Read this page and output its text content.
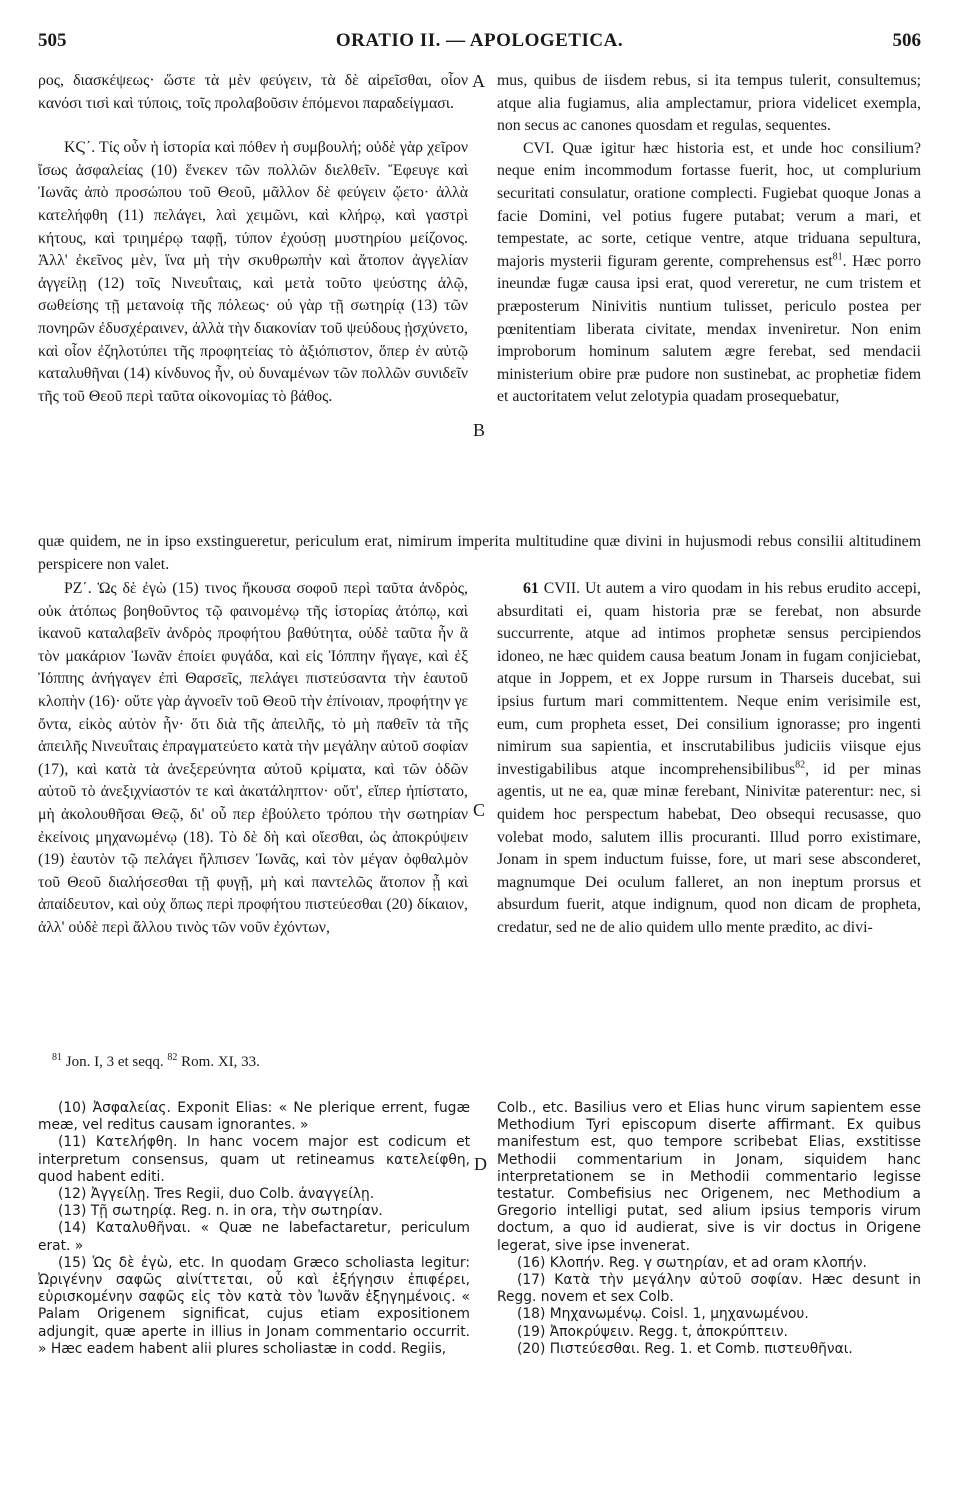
505	ORATIO II. — APOLOGETICA.	506
A
B
C
D

ρος, διασκέψεως· ὥστε τὰ μὲν φεύγειν, τὰ δὲ αἱρεῖσθαι, οἷον κανόσι τισὶ καὶ τύποις, τοῖς προλαβοῦσιν ἑπόμενοι παραδείγμασι.

ΚϚ΄. Τίς οὖν ἡ ἱστορία καὶ πόθεν ἡ συμβουλή; οὐδὲ γὰρ χεῖρον ἴσως ἀσφαλείας (10) ἕνεκεν τῶν πολλῶν διελθεῖν. Ἔφευγε καὶ Ἰωνᾶς ἀπὸ προσώπου τοῦ Θεοῦ, μᾶλλον δὲ φεύγειν ᾤετο· ἀλλὰ κατελήφθη (11) πελάγει, λαὶ χειμῶνι, καὶ κλήρῳ, καὶ γαστρὶ κήτους, καὶ τριημέρῳ ταφῇ, τύπον ἐχούσῃ μυστηρίου μείζονος. Ἀλλ' ἐκεῖνος μὲν, ἵνα μὴ τὴν σκυθρωπὴν καὶ ἄτοπον ἀγγελίαν ἀγγείλῃ (12) τοῖς Νινευΐταις, καὶ μετὰ τοῦτο ψεύστης ἁλῷ, σωθείσης τῇ μετανοίᾳ τῆς πόλεως· οὐ γὰρ τῇ σωτηρίᾳ (13) τῶν πονηρῶν ἐδυσχέραινεν, ἀλλὰ τὴν διακονίαν τοῦ ψεύδους ᾐσχύνετο, καὶ οἷον ἐζηλοτύπει τῆς προφητείας τὸ ἀξιόπιστον, ὅπερ ἐν αὐτῷ καταλυθῆναι (14) κίνδυνος ἦν, οὐ δυναμένων τῶν πολλῶν συνιδεῖν τῆς τοῦ Θεοῦ περὶ ταῦτα οἰκονομίας τὸ βάθος.

mus, quibus de iisdem rebus, si ita tempus tulerit, consultemus; atque alia fugiamus, alia amplectamur, priora videlicet exempla, non secus ac canones quosdam et regulas, sequentes.

CVI. Quæ igitur hæc historia est, et unde hoc consilium? neque enim incommodum fortasse fuerit, hoc, ut complurium securitati consulatur, oratione complecti. Fugiebat quoque Jonas a facie Domini, vel potius fugere putabat; verum a mari, et tempestate, ac sorte, cetique ventre, atque triduana sepultura, majoris mysterii figuram gerente, comprehensus est$^{81}$. Hæc porro ineundæ fugæ causa ipsi erat, quod vereretur, ne cum tristem et præposterum Ninivitis nuntium tulisset, periculo postea per pœnitentiam liberata civitate, mendax inveniretur. Non enim improborum hominum salutem ægre ferebat, sed mendacii ministerium obire præ pudore non sustinebat, ac prophetiæ fidem et auctoritatem velut zelotypia quadam prosequebatur,

quæ quidem, ne in ipso exstingueretur, periculum erat, nimirum imperita multitudine quæ divini in hujusmodi rebus consilii altitudinem perspicere non valet.

ΡΖ΄. Ὡς δὲ ἐγὼ (15) τινος ἤκουσα σοφοῦ περὶ ταῦτα ἀνδρὸς, οὐκ ἀτόπως βοηθοῦντος τῷ φαινομένῳ τῆς ἱστορίας ἀτόπῳ, καὶ ἱκανοῦ καταλαβεῖν ἀνδρὸς προφήτου βαθύτητα, οὐδὲ ταῦτα ἦν ἃ τὸν μακάριον Ἰωνᾶν ἐποίει φυγάδα, καὶ εἰς Ἰόππην ἤγαγε, καὶ ἐξ Ἰόππης ἀνήγαγεν ἐπὶ Θαρσεῖς, πελάγει πιστεύσαντα τὴν ἑαυτοῦ κλοπὴν (16)· οὔτε γὰρ ἀγνοεῖν τοῦ Θεοῦ τὴν ἐπίνοιαν, προφήτην γε ὄντα, εἰκὸς αὐτὸν ἦν· ὅτι διὰ τῆς ἀπειλῆς, τὸ μὴ παθεῖν τὰ τῆς ἀπειλῆς Νινευΐταις ἐπραγματεύετο κατὰ τὴν μεγάλην αὐτοῦ σοφίαν (17), καὶ κατὰ τὰ ἀνεξερεύνητα αὐτοῦ κρίματα, καὶ τῶν ὁδῶν αὐτοῦ τὸ ἀνεξιχνίαστόν τε καὶ ἀκατάληπτον· οὔτ', εἴπερ ἠπίστατο, μὴ ἀκολουθῆσαι Θεῷ, δι' οὗ περ ἐβούλετο τρόπου τὴν σωτηρίαν ἐκείνοις μηχανωμένῳ (18). Τὸ δὲ δὴ καὶ οἴεσθαι, ὡς ἀποκρύψειν (19) ἑαυτὸν τῷ πελάγει ἤλπισεν Ἰωνᾶς, καὶ τὸν μέγαν ὀφθαλμὸν τοῦ Θεοῦ διαλήσεσθαι τῇ φυγῇ, μὴ καὶ παντελῶς ἄτοπον ᾖ καὶ ἀπαίδευτον, καὶ οὐχ ὅπως περὶ προφήτου πιστεύεσθαι (20) δίκαιον, ἀλλ' οὐδὲ περὶ ἄλλου τινὸς τῶν νοῦν ἐχόντων,

61 CVII. Ut autem a viro quodam in his rebus erudito accepi, absurditati ei, quam historia præ se ferebat, non absurde succurrente, atque ad intimos prophetæ sensus percipiendos idoneo, ne hæc quidem causa beatum Jonam in fugam conjiciebat, atque in Joppem, et ex Joppe rursum in Tharseis ducebat, sui ipsius furtum mari committentem. Neque enim verisimile est, eum, cum propheta esset, Dei consilium ignorasse; pro ingenti nimirum sua sapientia, et inscrutabilibus judiciis viisque ejus investigabilibus atque incomprehensibilibus$^{82}$, id per minas agentis, ut ne ea, quæ minæ ferebant, Ninivitæ paterentur: nec, si quidem hoc perspectum habebat, Deo obsequi recusasse, quo volebat modo, salutem illis procuranti. Illud porro existimare, Jonam in spem inductum fuisse, fore, ut mari sese absconderet, magnumque Dei oculum falleret, an non ineptum prorsus et absurdum fuerit, atque indignum, quod non dicam de propheta, credatur, sed ne de alio quidem ullo mente prædito, ac divi-

$^{81}$ Jon. I, 3 et seqq. $^{82}$ Rom. XI, 33.

(10) Ἀσφαλείας. Exponit Elias: « Ne plerique errent, fugæ meæ, vel reditus causam ignorantes. »

(11) Κατελήφθη. In hanc vocem major est codicum et interpretum consensus, quam ut retineamus κατελείφθη, quod habent editi.

(12) Ἀγγείλῃ. Tres Regii, duo Colb. ἀναγγείλῃ.

(13) Τῇ σωτηρίᾳ. Reg. n. in ora, τὴν σωτηρίαν.

(14) Καταλυθῆναι. « Quæ ne labefactaretur, periculum erat. »

(15) Ὡς δὲ ἐγὼ, etc. In quodam Græco scholiasta legitur: Ὠριγένην σαφῶς αἰνίττεται, οὗ καὶ ἐξήγησιν ἐπιφέρει, εὑρισκομένην σαφῶς εἰς τὸν κατὰ τὸν Ἰωνᾶν ἐξηγημένοις. « Palam Origenem significat, cujus etiam expositionem adjungit, quæ aperte in illius in Jonam commentario occurrit. » Hæc eadem habent alii plures scholiastæ in codd. Regiis,

Colb., etc. Basilius vero et Elias hunc virum sapientem esse Methodium Tyri episcopum diserte affirmant. Ex quibus manifestum est, quo tempore scribebat Elias, exstitisse Methodii commentarium in Jonam, siquidem hanc interpretationem se in Methodii commentario legisse testatur. Combefisius nec Origenem, nec Methodium a Gregorio intelligi putat, sed alium ipsius temporis virum doctum, a quo id audierat, sive is vir doctus in Origene legerat, sive ipse invenerat.

(16) Κλοπήν. Reg. γ σωτηρίαν, et ad oram κλοπήν.

(17) Κατὰ τὴν μεγάλην αὐτοῦ σοφίαν. Hæc desunt in Regg. novem et sex Colb.

(18) Μηχανωμένῳ. Coisl. 1, μηχανωμένου.

(19) Ἀποκρύψειν. Regg. t, ἀποκρύπτειν.

(20) Πιστεύεσθαι. Reg. 1. et Comb. πιστευθῆναι.
